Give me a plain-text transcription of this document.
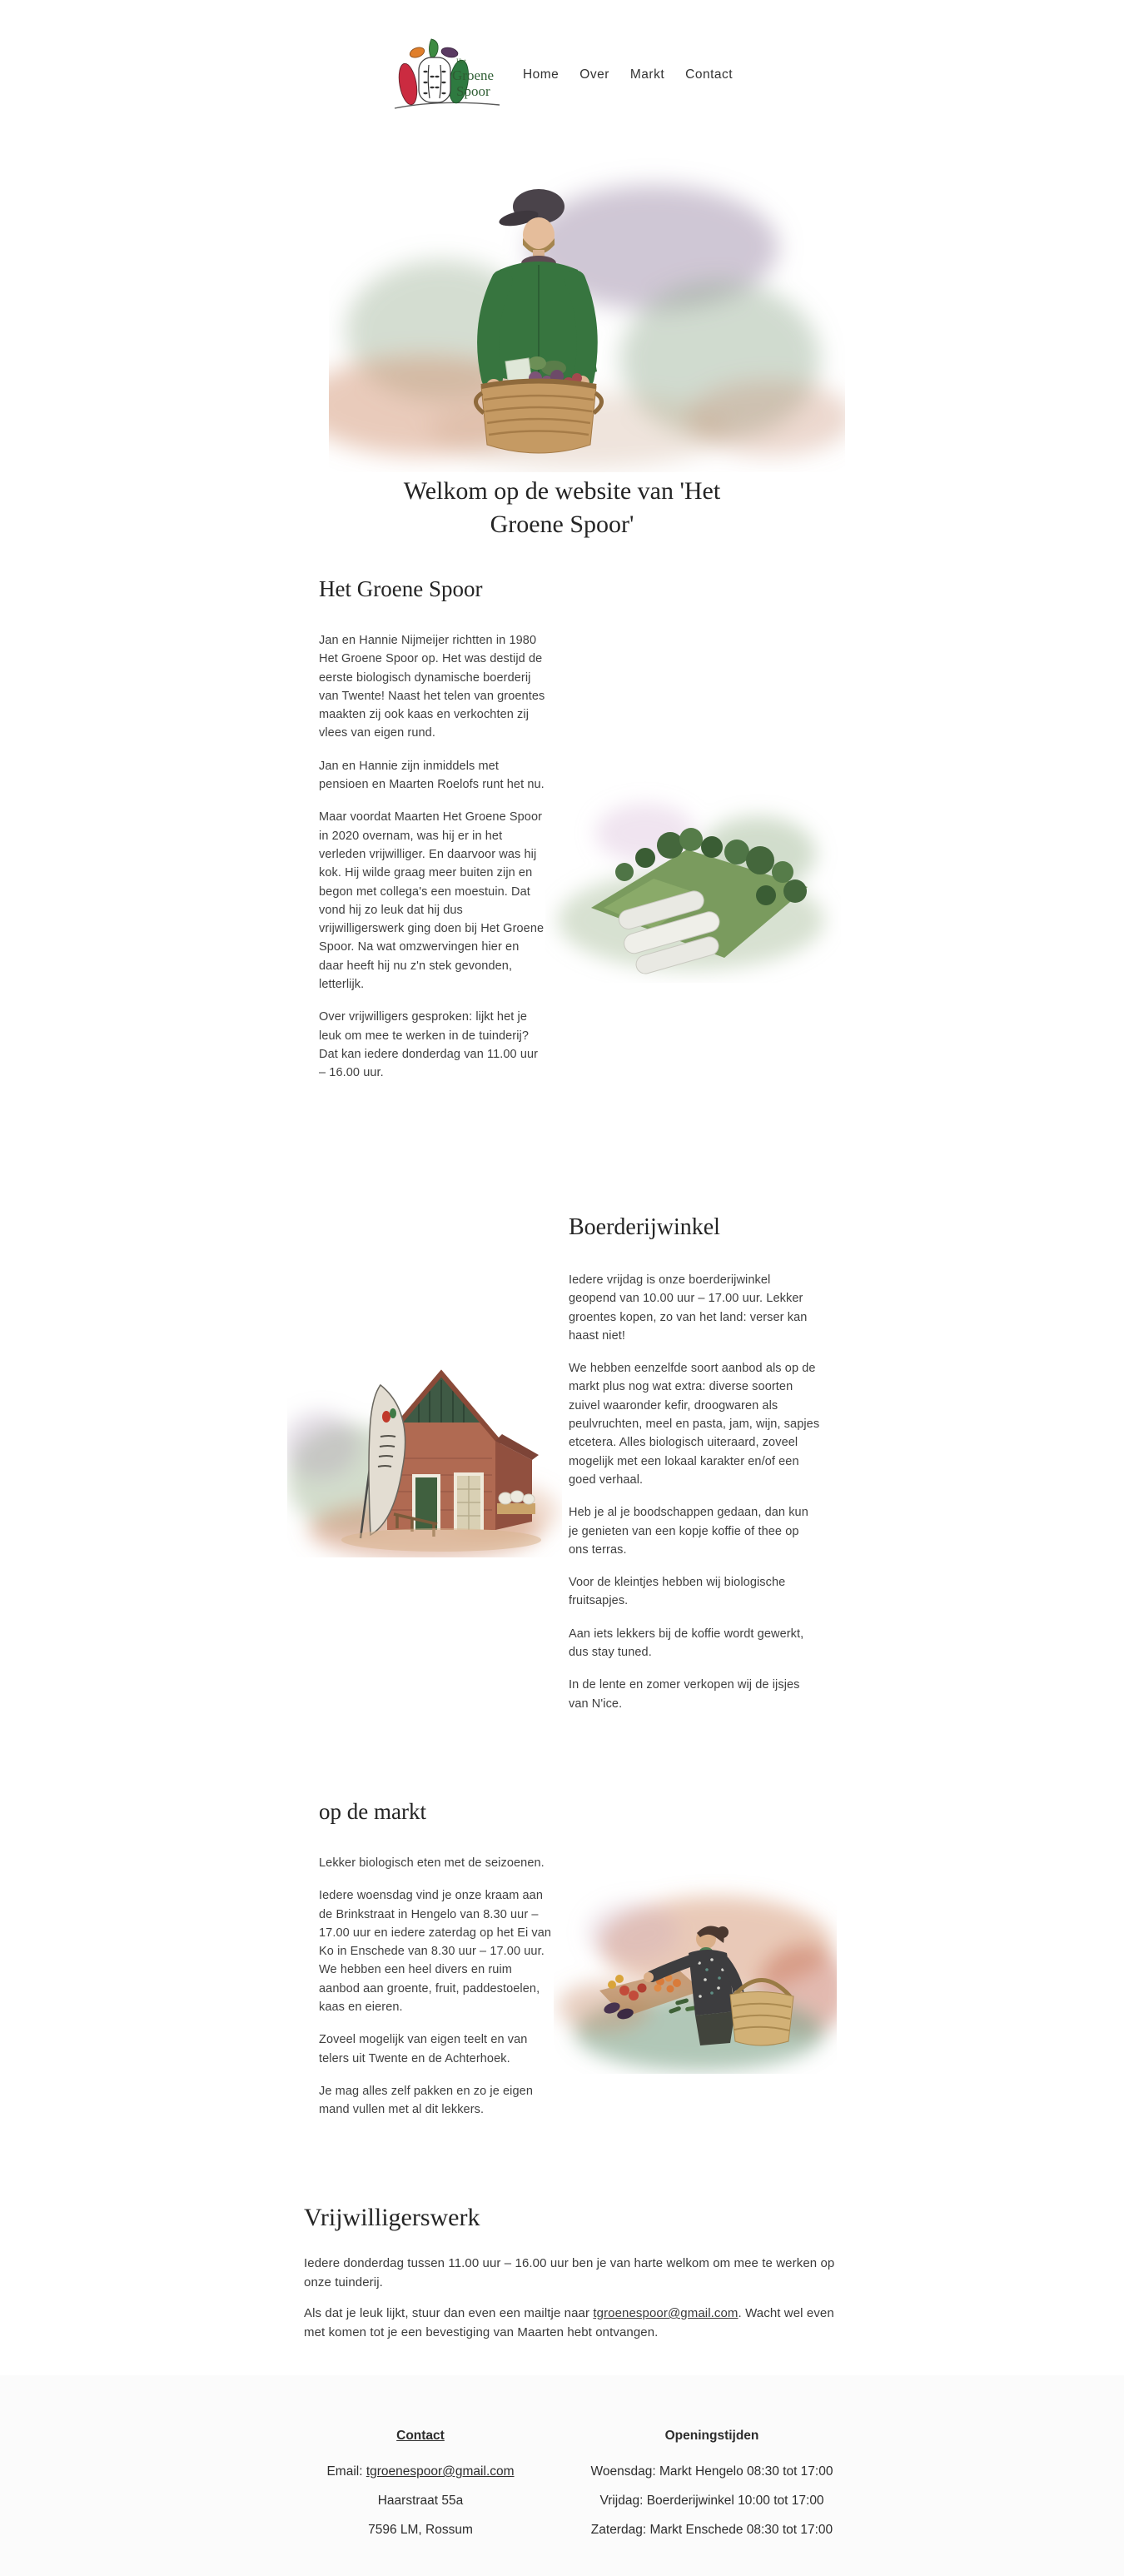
Het
Groene
Spoor
Home Over Markt Contact
Welkom op de website van 'Het
Groene Spoor'
Het Groene Spoor

Jan en Hannie Nijmeijer richtten in 1980 Het Groene Spoor op. Het was destijd de eerste biologisch dynamische boerderij van Twente! Naast het telen van groentes maakten zij ook kaas en verkochten zij vlees van eigen rund.

Jan en Hannie zijn inmiddels met pensioen en Maarten Roelofs runt het nu.

Maar voordat Maarten Het Groene Spoor in 2020 overnam, was hij er in het verleden vrijwilliger. En daarvoor was hij kok. Hij wilde graag meer buiten zijn en begon met collega's een moestuin. Dat vond hij zo leuk dat hij dus vrijwilligerswerk ging doen bij Het Groene Spoor. Na wat omzwervingen hier en daar heeft hij nu z'n stek gevonden, letterlijk.

Over vrijwilligers gesproken: lijkt het je leuk om mee te werken in de tuinderij? Dat kan iedere donderdag van 11.00 uur – 16.00 uur.

Boerderijwinkel

Iedere vrijdag is onze boerderijwinkel geopend van 10.00 uur – 17.00 uur. Lekker groentes kopen, zo van het land: verser kan haast niet!

We hebben eenzelfde soort aanbod als op de markt plus nog wat extra: diverse soorten zuivel waaronder kefir, droogwaren als peulvruchten, meel en pasta, jam, wijn, sapjes etcetera. Alles biologisch uiteraard, zoveel mogelijk met een lokaal karakter en/of een goed verhaal.

Heb je al je boodschappen gedaan, dan kun je genieten van een kopje koffie of thee op ons terras.

Voor de kleintjes hebben wij biologische fruitsapjes.

Aan iets lekkers bij de koffie wordt gewerkt, dus stay tuned.

In de lente en zomer verkopen wij de ijsjes van N'ice.

op de markt

Lekker biologisch eten met de seizoenen.

Iedere woensdag vind je onze kraam aan de Brinkstraat in Hengelo van 8.30 uur – 17.00 uur en iedere zaterdag op het Ei van Ko in Enschede van 8.30 uur – 17.00 uur. We hebben een heel divers en ruim aanbod aan groente, fruit, paddestoelen, kaas en eieren.

Zoveel mogelijk van eigen teelt en van telers uit Twente en de Achterhoek.

Je mag alles zelf pakken en zo je eigen mand vullen met al dit lekkers.

Vrijwilligerswerk

Iedere donderdag tussen 11.00 uur – 16.00 uur ben je van harte welkom om mee te werken op onze tuinderij.

Als dat je leuk lijkt, stuur dan even een mailtje naar tgroenespoor@gmail.com. Wacht wel even met komen tot je een bevestiging van Maarten hebt ontvangen.

Contact

Email: tgroenespoor@gmail.com

Haarstraat 55a

7596 LM, Rossum

Openingstijden

Woensdag: Markt Hengelo 08:30 tot 17:00

Vrijdag: Boerderijwinkel 10:00 tot 17:00

Zaterdag: Markt Enschede 08:30 tot 17:00
